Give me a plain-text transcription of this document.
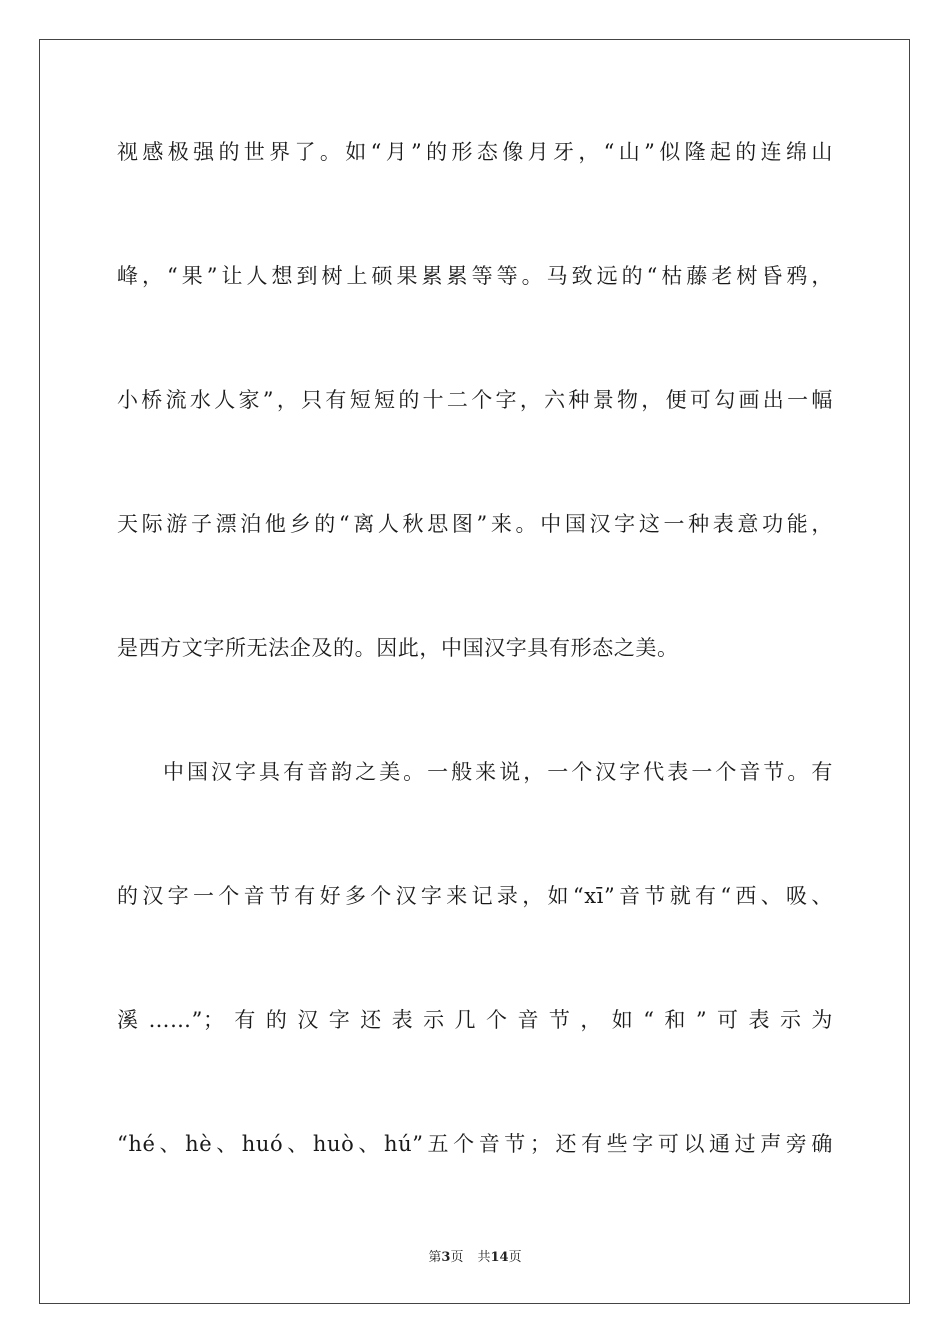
视感极强的世界了。如“月”的形态像月牙，“山”似隆起的连绵山
峰，“果”让人想到树上硕果累累等等。马致远的“枯藤老树昏鸦，
小桥流水人家”，只有短短的十二个字，六种景物，便可勾画出一幅
天际游子漂泊他乡的“离人秋思图”来。中国汉字这一种表意功能，
是西方文字所无法企及的。因此，中国汉字具有形态之美。
中国汉字具有音韵之美。一般来说，一个汉字代表一个音节。有
的汉字一个音节有好多个汉字来记录，如“xī”音节就有“西、吸、
溪……”；有的汉字还表示几个音节，如“和”可表示为
“hé、hè、huó、huò、hú”五个音节；还有些字可以通过声旁确
第3页 共14页
